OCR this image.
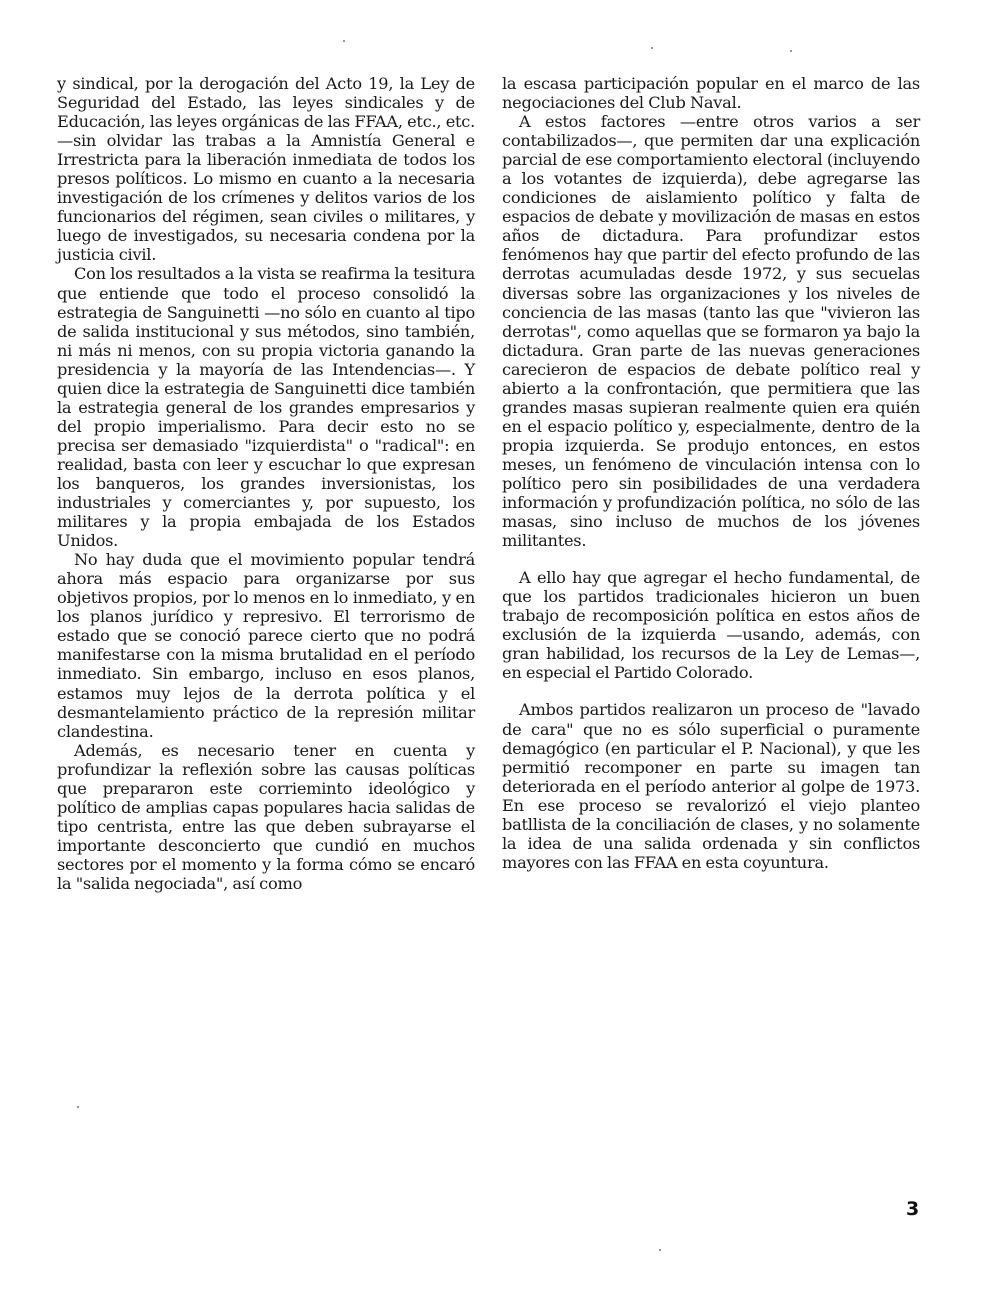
y sindical, por la derogación del Acto 19, la Ley de Seguridad del Estado, las leyes sindicales y de Educación, las leyes orgánicas de las FFAA, etc., etc. —sin olvidar las trabas a la Amnistía General e Irrestricta para la liberación inmediata de todos los presos políticos. Lo mismo en cuanto a la necesaria investigación de los crímenes y delitos varios de los funcionarios del régimen, sean civiles o militares, y luego de investigados, su necesaria condena por la justicia civil.

Con los resultados a la vista se reafirma la tesitura que entiende que todo el proceso consolidó la estrategia de Sanguinetti —no sólo en cuanto al tipo de salida institucional y sus métodos, sino también, ni más ni menos, con su propia victoria ganando la presidencia y la mayoría de las Intendencias—. Y quien dice la estrategia de Sanguinetti dice también la estrategia general de los grandes empresarios y del propio imperialismo. Para decir esto no se precisa ser demasiado "izquierdista" o "radical": en realidad, basta con leer y escuchar lo que expresan los banqueros, los grandes inversionistas, los industriales y comerciantes y, por supuesto, los militares y la propia embajada de los Estados Unidos.

No hay duda que el movimiento popular tendrá ahora más espacio para organizarse por sus objetivos propios, por lo menos en lo inmediato, y en los planos jurídico y represivo. El terrorismo de estado que se conoció parece cierto que no podrá manifestarse con la misma brutalidad en el período inmediato. Sin embargo, incluso en esos planos, estamos muy lejos de la derrota política y el desmantelamiento práctico de la represión militar clandestina.

Además, es necesario tener en cuenta y profundizar la reflexión sobre las causas políticas que prepararon este corrieminto ideológico y político de amplias capas populares hacia salidas de tipo centrista, entre las que deben subrayarse el importante desconcierto que cundió en muchos sectores por el momento y la forma cómo se encaró la "salida negociada", así como

la escasa participación popular en el marco de las negociaciones del Club Naval.

A estos factores —entre otros varios a ser contabilizados—, que permiten dar una explicación parcial de ese comportamiento electoral (incluyendo a los votantes de izquierda), debe agregarse las condiciones de aislamiento político y falta de espacios de debate y movilización de masas en estos años de dictadura. Para profundizar estos fenómenos hay que partir del efecto profundo de las derrotas acumuladas desde 1972, y sus secuelas diversas sobre las organizaciones y los niveles de conciencia de las masas (tanto las que "vivieron las derrotas", como aquellas que se formaron ya bajo la dictadura. Gran parte de las nuevas generaciones carecieron de espacios de debate político real y abierto a la confrontación, que permitiera que las grandes masas supieran realmente quien era quién en el espacio político y, especialmente, dentro de la propia izquierda. Se produjo entonces, en estos meses, un fenómeno de vinculación intensa con lo político pero sin posibilidades de una verdadera información y profundización política, no sólo de las masas, sino incluso de muchos de los jóvenes militantes.

A ello hay que agregar el hecho fundamental, de que los partidos tradicionales hicieron un buen trabajo de recomposición política en estos años de exclusión de la izquierda —usando, además, con gran habilidad, los recursos de la Ley de Lemas—, en especial el Partido Colorado.

Ambos partidos realizaron un proceso de "lavado de cara" que no es sólo superficial o puramente demagógico (en particular el P. Nacional), y que les permitió recomponer en parte su imagen tan deteriorada en el período anterior al golpe de 1973. En ese proceso se revalorizó el viejo planteo batllista de la conciliación de clases, y no solamente la idea de una salida ordenada y sin conflictos mayores con las FFAA en esta coyuntura.

3
